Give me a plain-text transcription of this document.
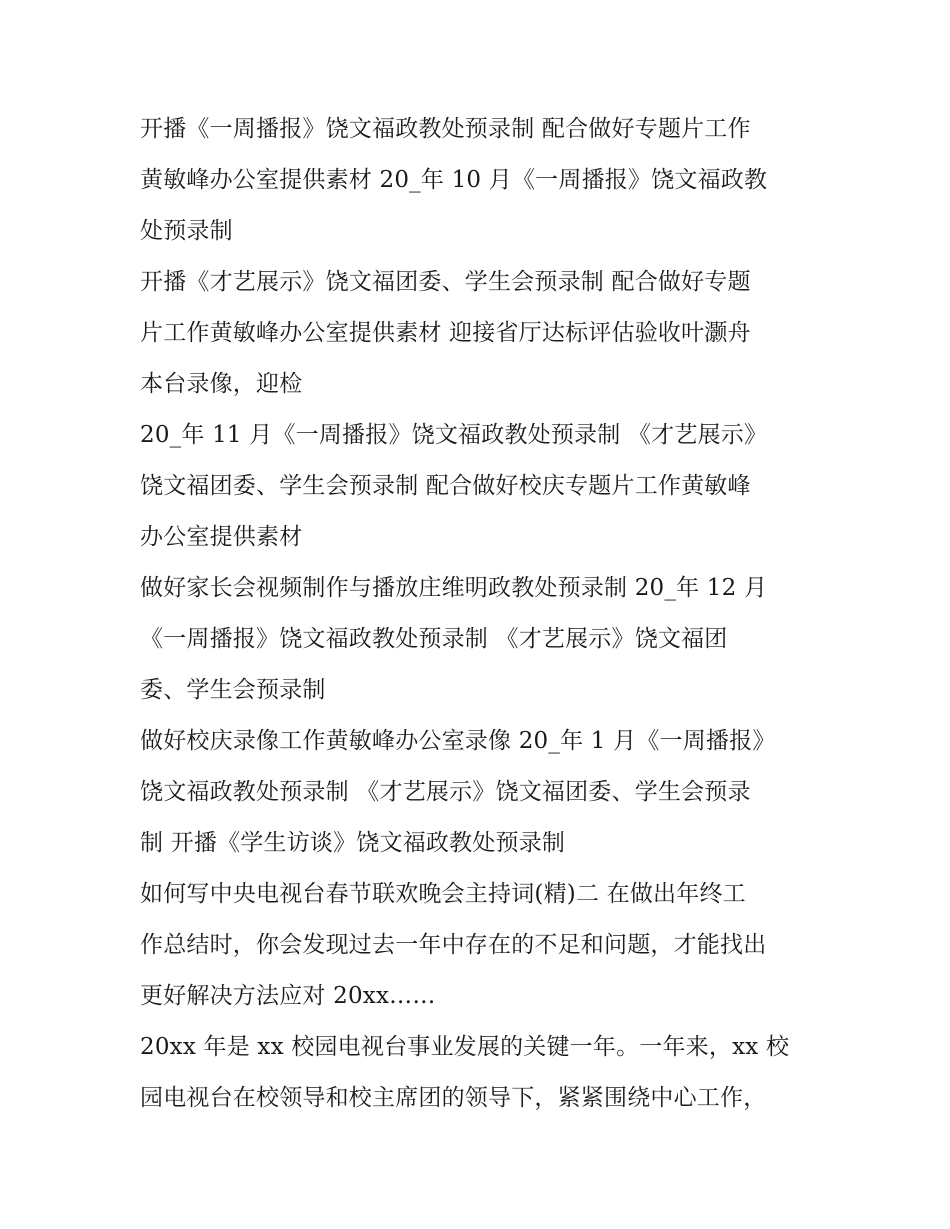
开播《一周播报》饶文福政教处预录制 配合做好专题片工作
黄敏峰办公室提供素材 20_年 10 月《一周播报》饶文福政教
处预录制
开播《才艺展示》饶文福团委、学生会预录制 配合做好专题
片工作黄敏峰办公室提供素材 迎接省厅达标评估验收叶灏舟
本台录像，迎检
20_年 11 月《一周播报》饶文福政教处预录制 《才艺展示》
饶文福团委、学生会预录制 配合做好校庆专题片工作黄敏峰
办公室提供素材
做好家长会视频制作与播放庄维明政教处预录制 20_年 12 月
《一周播报》饶文福政教处预录制 《才艺展示》饶文福团
委、学生会预录制
做好校庆录像工作黄敏峰办公室录像 20_年 1 月《一周播报》
饶文福政教处预录制 《才艺展示》饶文福团委、学生会预录
制 开播《学生访谈》饶文福政教处预录制
如何写中央电视台春节联欢晚会主持词(精)二 在做出年终工
作总结时，你会发现过去一年中存在的不足和问题，才能找出
更好解决方法应对 20xx……
20xx 年是 xx 校园电视台事业发展的关键一年。一年来，xx 校
园电视台在校领导和校主席团的领导下，紧紧围绕中心工作，
